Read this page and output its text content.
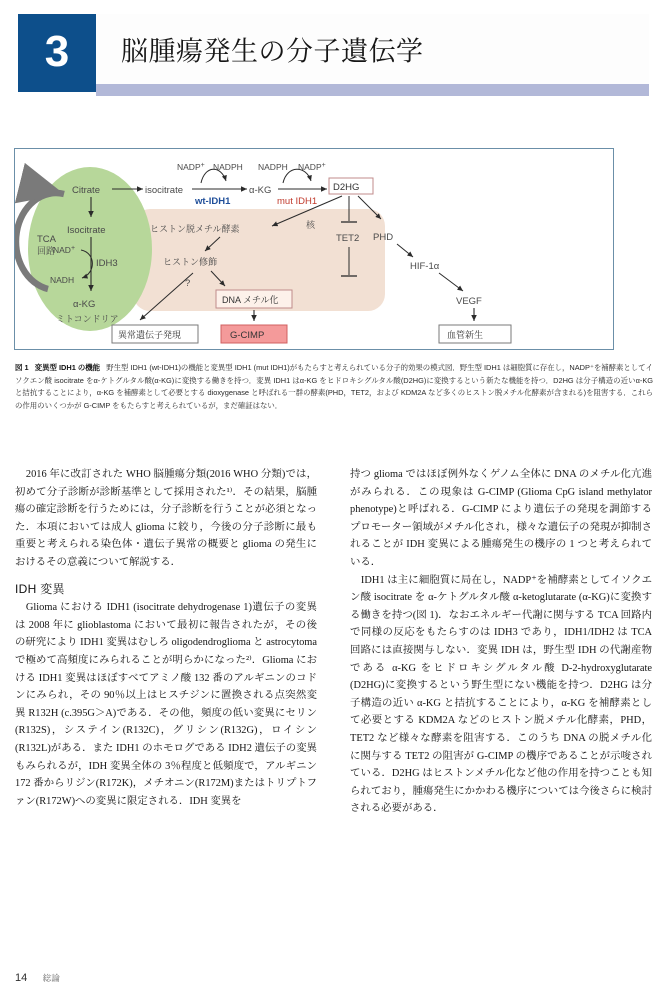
3	脳腫瘍発生の分子遺伝学
核
ミトコンドリア
TCA
回路
Citrate	isocitrate	α-KG
NADP+ NADPH
wt-IDH1
NADPH NADP+
mut IDH1
D2HG
Isocitrate
α-KG
NAD+
NADH
IDH3
ヒストン脱メチル酵素
TET2 PHD
HIF-1α
VEGF
血管新生
ヒストン修飾
?
DNA メチル化
G-CIMP
異常遺伝子発現
図 1 変異型 IDH1 の機能 野生型 IDH1 (wt-IDH1)の機能と変異型 IDH1 (mut IDH1)がもたらすと考えられている分子的効果の模式図．野生型 IDH1 は細胞質に存在し，NADP⁺を補酵素としてイソクエン酸 isocitrate をα-ケトグルタル酸(α-KG)に変換する働きを持つ．変異 IDH1 はα-KG をヒドロキシグルタル酸(D2HG)に変換するという新たな機能を持つ．D2HG は分子構造の近いα-KG と拮抗することにより，α-KG を補酵素として必要とする dioxygenase と呼ばれる一群の酵素(PHD，TET2，および KDM2A など多くのヒストン脱メチル化酵素が含まれる)を阻害する．これらの作用のいくつかが G-CIMP をもたらすと考えられているが，まだ確証はない．

2016 年に改訂された WHO 脳腫瘍分類(2016 WHO 分類)では，初めて分子診断が診断基準として採用された¹⁾．その結果，脳腫瘍の確定診断を行うためには，分子診断を行うことが必須となった．本項においては成人 glioma に絞り，今後の分子診断に最も重要と考えられる染色体・遺伝子異常の概要と glioma の発生におけるその意義について解説する．

IDH 変異

Glioma における IDH1 (isocitrate dehydrogenase 1)遺伝子の変異は 2008 年に glioblastoma において最初に報告されたが，その後の研究により IDH1 変異はむしろ oligodendroglioma と astrocytoma で極めて高頻度にみられることが明らかになった²⁾．Glioma における IDH1 変異はほぼすべてアミノ酸 132 番のアルギニンのコドンにみられ，その 90％以上はヒスチジンに置換される点突然変異 R132H (c.395G＞A)である．その他，頻度の低い変異にセリン(R132S)，システイン(R132C)，グリシン(R132G)，ロイシン(R132L)がある．また IDH1 のホモログである IDH2 遺伝子の変異もみられるが，IDH 変異全体の 3％程度と低頻度で，アルギニン 172 番からリジン(R172K)，メチオニン(R172M)またはトリプトファン(R172W)への変異に限定される．IDH 変異を

持つ glioma ではほぼ例外なくゲノム全体に DNA のメチル化亢進がみられる．この現象は G-CIMP (Glioma CpG island methylator phenotype)と呼ばれる．G-CIMP により遺伝子の発現を調節するプロモーター領域がメチル化され，様々な遺伝子の発現が抑制されることが IDH 変異による腫瘍発生の機序の 1 つと考えられている．

IDH1 は主に細胞質に局在し，NADP⁺を補酵素としてイソクエン酸 isocitrate を α-ケトグルタル酸 α-ketoglutarate (α-KG)に変換する働きを持つ(図 1)．なおエネルギー代謝に関与する TCA 回路内で同様の反応をもたらすのは IDH3 であり，IDH1/IDH2 は TCA 回路には直接関与しない．変異 IDH は，野生型 IDH の代謝産物である α-KG をヒドロキシグルタル酸 D-2-hydroxyglutarate (D2HG)に変換するという野生型にない機能を持つ．D2HG は分子構造の近い α-KG と拮抗することにより，α-KG を補酵素として必要とする KDM2A などのヒストン脱メチル化酵素，PHD，TET2 など様々な酵素を阻害する．このうち DNA の脱メチル化に関与する TET2 の阻害が G-CIMP の機序であることが示唆されている．D2HG はヒストンメチル化など他の作用を持つことも知られており，腫瘍発生にかかわる機序については今後さらに検討される必要がある．

14 総論
